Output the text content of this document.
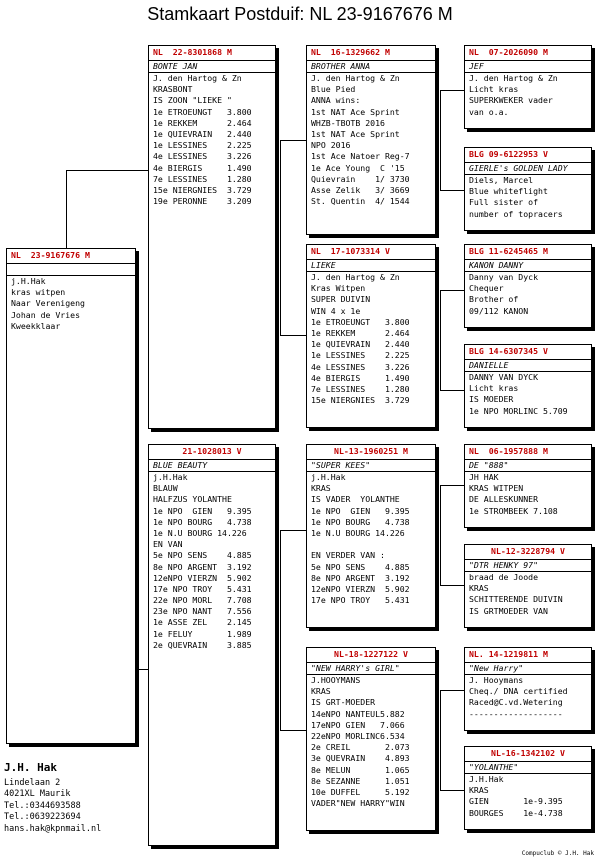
Stamkaart Postduif: NL 23-9167676 M
NL  23-9167676 M
j.H.Hak
kras witpen
Naar Verenigeng
Johan de Vries
Kweekklaar
NL  22-8301868 M
BONTE JAN
J. den Hartog & Zn
KRASBONT
IS ZOON "LIEKE "
1e ETROEUNGT   3.800
1e REKKEM      2.464
1e QUIEVRAIN   2.440
1e LESSINES    2.225
4e LESSINES    3.226
4e BIERGIS     1.490
7e LESSINES    1.280
15e NIERGNIES  3.729
19e PERONNE    3.209
21-1028013 V
BLUE BEAUTY
j.H.Hak
BLAUW
HALFZUS YOLANTHE
1e NPO  GIEN   9.395
1e NPO BOURG   4.738
1e N.U BOURG 14.226
EN VAN
5e NPO SENS    4.885
8e NPO ARGENT  3.192
12eNPO VIERZN  5.902
17e NPO TROY   5.431
22e NPO MORL   7.708
23e NPO NANT   7.556
1e ASSE ZEL    2.145
1e FELUY       1.989
2e QUEVRAIN    3.885
NL  16-1329662 M
BROTHER ANNA
J. den Hartog & Zn
Blue Pied
ANNA wins:
1st NAT Ace Sprint
WHZB-TBOTB 2016
1st NAT Ace Sprint
NPO 2016
1st Ace Natoer Reg-7
1e Ace Young  C '15
Quievrain    1/ 3730
Asse Zelik   3/ 3669
St. Quentin  4/ 1544
NL  17-1073314 V
LIEKE
J. den Hartog & Zn
Kras Witpen
SUPER DUIVIN
WIN 4 x 1e
1e ETROEUNGT   3.800
1e REKKEM      2.464
1e QUIEVRAIN   2.440
1e LESSINES    2.225
4e LESSINES    3.226
4e BIERGIS     1.490
7e LESSINES    1.280
15e NIERGNIES  3.729
NL-13-1960251 M
"SUPER KEES"
j.H.Hak
KRAS
IS VADER  YOLANTHE
1e NPO  GIEN   9.395
1e NPO BOURG   4.738
1e N.U BOURG 14.226
EN VERDER VAN :
5e NPO SENS    4.885
8e NPO ARGENT  3.192
12eNPO VIERZN  5.902
17e NPO TROY   5.431
NL-18-1227122 V
"NEW HARRY's GIRL"
J.HOOYMANS
KRAS
IS GRT-MOEDER
14eNPO NANTEUL5.882
17eNPO GIEN   7.066
22eNPO MORLINC6.534
2e CREIL       2.073
3e QUEVRAIN    4.893
8e MELUN       1.065
8e SEZANNE     1.051
10e DUFFEL     5.192
VADER"NEW HARRY"WIN
NL  07-2026090 M
JEF
J. den Hartog & Zn
Licht kras
SUPERKWEKER vader
van o.a.
BLG 09-6122953 V
GIERLE's GOLDEN LADY
Diels, Marcel
Blue whiteflight
Full sister of
number of topracers
BLG 11-6245465 M
KANON DANNY
Danny van Dyck
Chequer
Brother of
09/112 KANON
BLG 14-6307345 V
DANIELLE
DANNY VAN DYCK
Licht kras
IS MOEDER
1e NPO MORLINC 5.709
NL  06-1957888 M
DE "888"
JH HAK
KRAS WITPEN
DE ALLESKUNNER
1e STROMBEEK 7.108
NL-12-3228794 V
"DTR HENKY 97"
braad de Joode
KRAS
SCHITTERENDE DUIVIN
IS GRTMOEDER VAN
NL. 14-1219811 M
"New Harry"
J. Hooymans
Cheq./ DNA certified
Raced@C.vd.Wetering
-------------------
NL-16-1342102 V
"YOLANTHE"
J.H.Hak
KRAS
GIEN       1e-9.395
BOURGES    1e-4.738
J.H. Hak
Lindelaan 2
4021XL Maurik
Tel.:0344693588
Tel.:0639223694
hans.hak@kpnmail.nl
Compuclub © J.H. Hak
